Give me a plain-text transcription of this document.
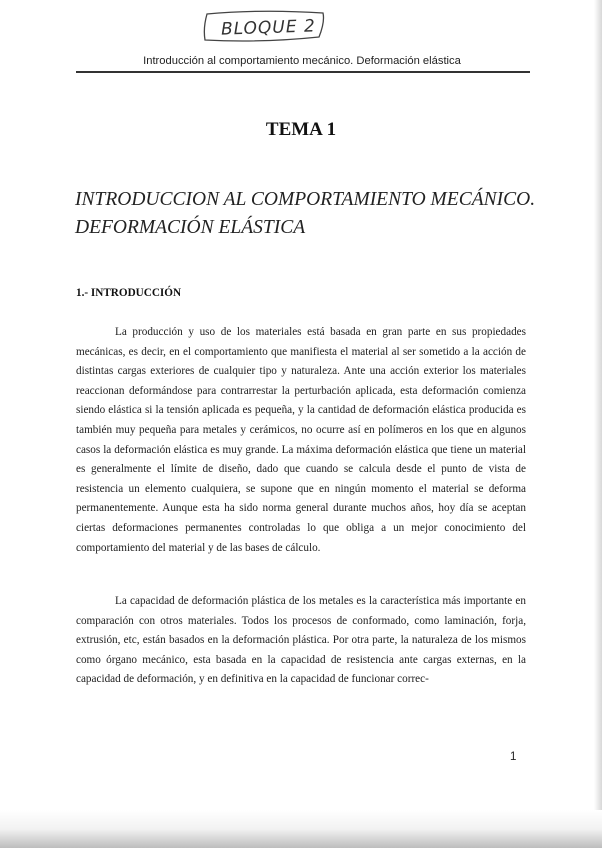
BLOQUE 2
Introducción al comportamiento mecánico. Deformación elástica
TEMA 1
INTRODUCCION AL COMPORTAMIENTO MECÁNICO.
DEFORMACIÓN ELÁSTICA
1.- INTRODUCCIÓN

La producción y uso de los materiales está basada en gran parte en sus propiedades mecánicas, es decir, en el comportamiento que manifiesta el material al ser sometido a la acción de distintas cargas exteriores de cualquier tipo y naturaleza. Ante una acción exterior los materiales reaccionan deformándose para contrarrestar la perturbación aplicada, esta deformación comienza siendo elástica si la tensión aplicada es pequeña, y la cantidad de deformación elástica producida es también muy pequeña para metales y cerámicos, no ocurre así en polímeros en los que en algunos casos la deformación elástica es muy grande. La máxima deformación elástica que tiene un material es generalmente el límite de diseño, dado que cuando se calcula desde el punto de vista de resistencia un elemento cualquiera, se supone que en ningún momento el material se deforma permanentemente. Aunque esta ha sido norma general durante muchos años, hoy día se aceptan ciertas deformaciones permanentes controladas lo que obliga a un mejor conocimiento del comportamiento del material y de las bases de cálculo.

La capacidad de deformación plástica de los metales es la característica más importante en comparación con otros materiales. Todos los procesos de conformado, como laminación, forja, extrusión, etc, están basados en la deformación plástica. Por otra parte, la naturaleza de los mismos como órgano mecánico, esta basada en la capacidad de resistencia ante cargas externas, en la capacidad de deformación, y en definitiva en la capacidad de funcionar correc-

1
